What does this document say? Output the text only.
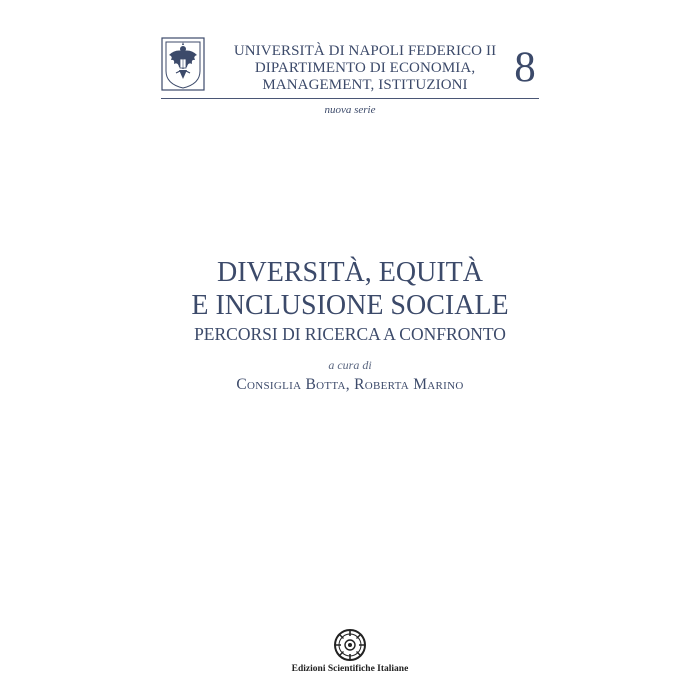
UNIVERSITÀ DI NAPOLI FEDERICO II
DIPARTIMENTO DI ECONOMIA,
MANAGEMENT, ISTITUZIONI	8
nuova serie
DIVERSITÀ, EQUITÀ
E INCLUSIONE SOCIALE
PERCORSI DI RICERCA A CONFRONTO
a cura di
Consiglia Botta, Roberta Marino
Edizioni Scientifiche Italiane
